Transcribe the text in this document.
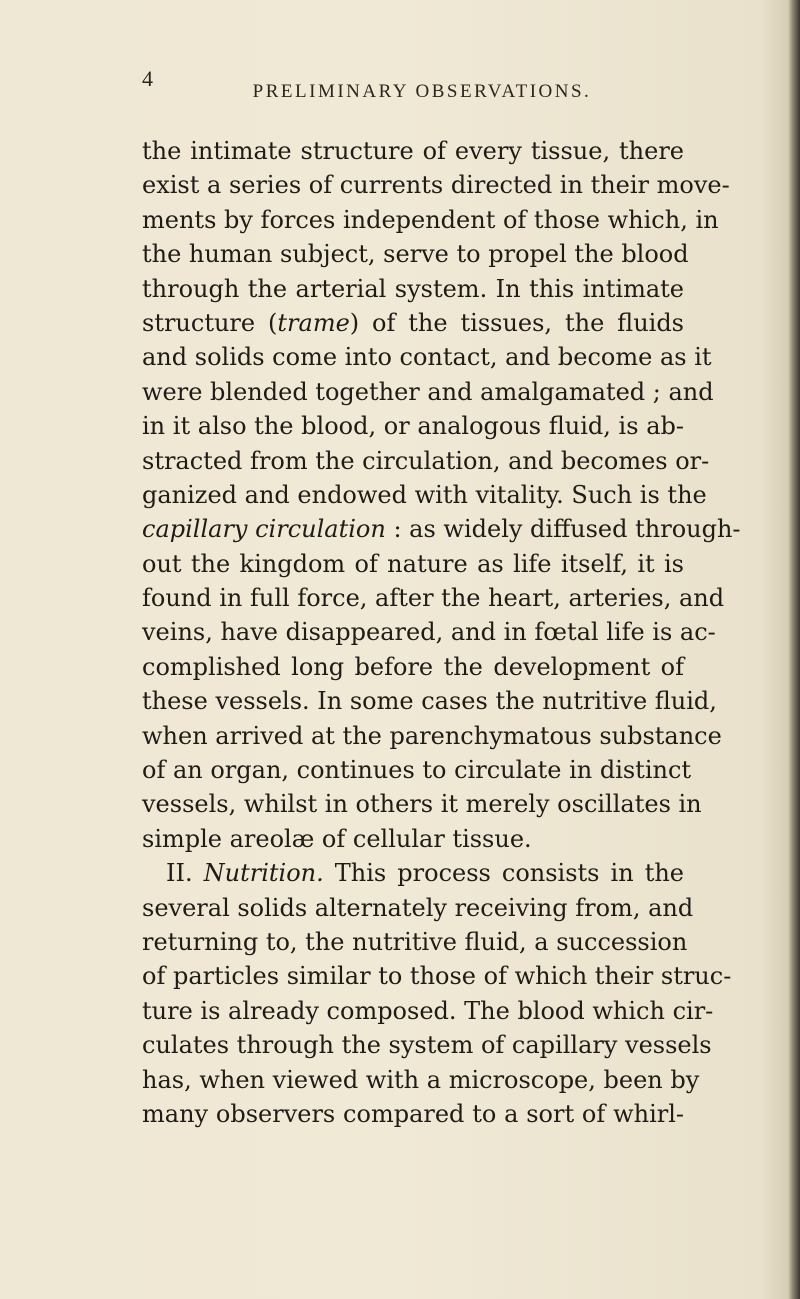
4
PRELIMINARY OBSERVATIONS.
the intimate structure of every tissue, there
exist a series of currents directed in their move-
ments by forces independent of those which, in
the human subject, serve to propel the blood
through the arterial system. In this intimate
structure (trame) of the tissues, the fluids
and solids come into contact, and become as it
were blended together and amalgamated ; and
in it also the blood, or analogous fluid, is ab-
stracted from the circulation, and becomes or-
ganized and endowed with vitality. Such is the
capillary circulation : as widely diffused through-
out the kingdom of nature as life itself, it is
found in full force, after the heart, arteries, and
veins, have disappeared, and in fœtal life is ac-
complished long before the development of
these vessels. In some cases the nutritive fluid,
when arrived at the parenchymatous substance
of an organ, continues to circulate in distinct
vessels, whilst in others it merely oscillates in
simple areolæ of cellular tissue.
II. Nutrition. This process consists in the
several solids alternately receiving from, and
returning to, the nutritive fluid, a succession
of particles similar to those of which their struc-
ture is already composed. The blood which cir-
culates through the system of capillary vessels
has, when viewed with a microscope, been by
many observers compared to a sort of whirl-
